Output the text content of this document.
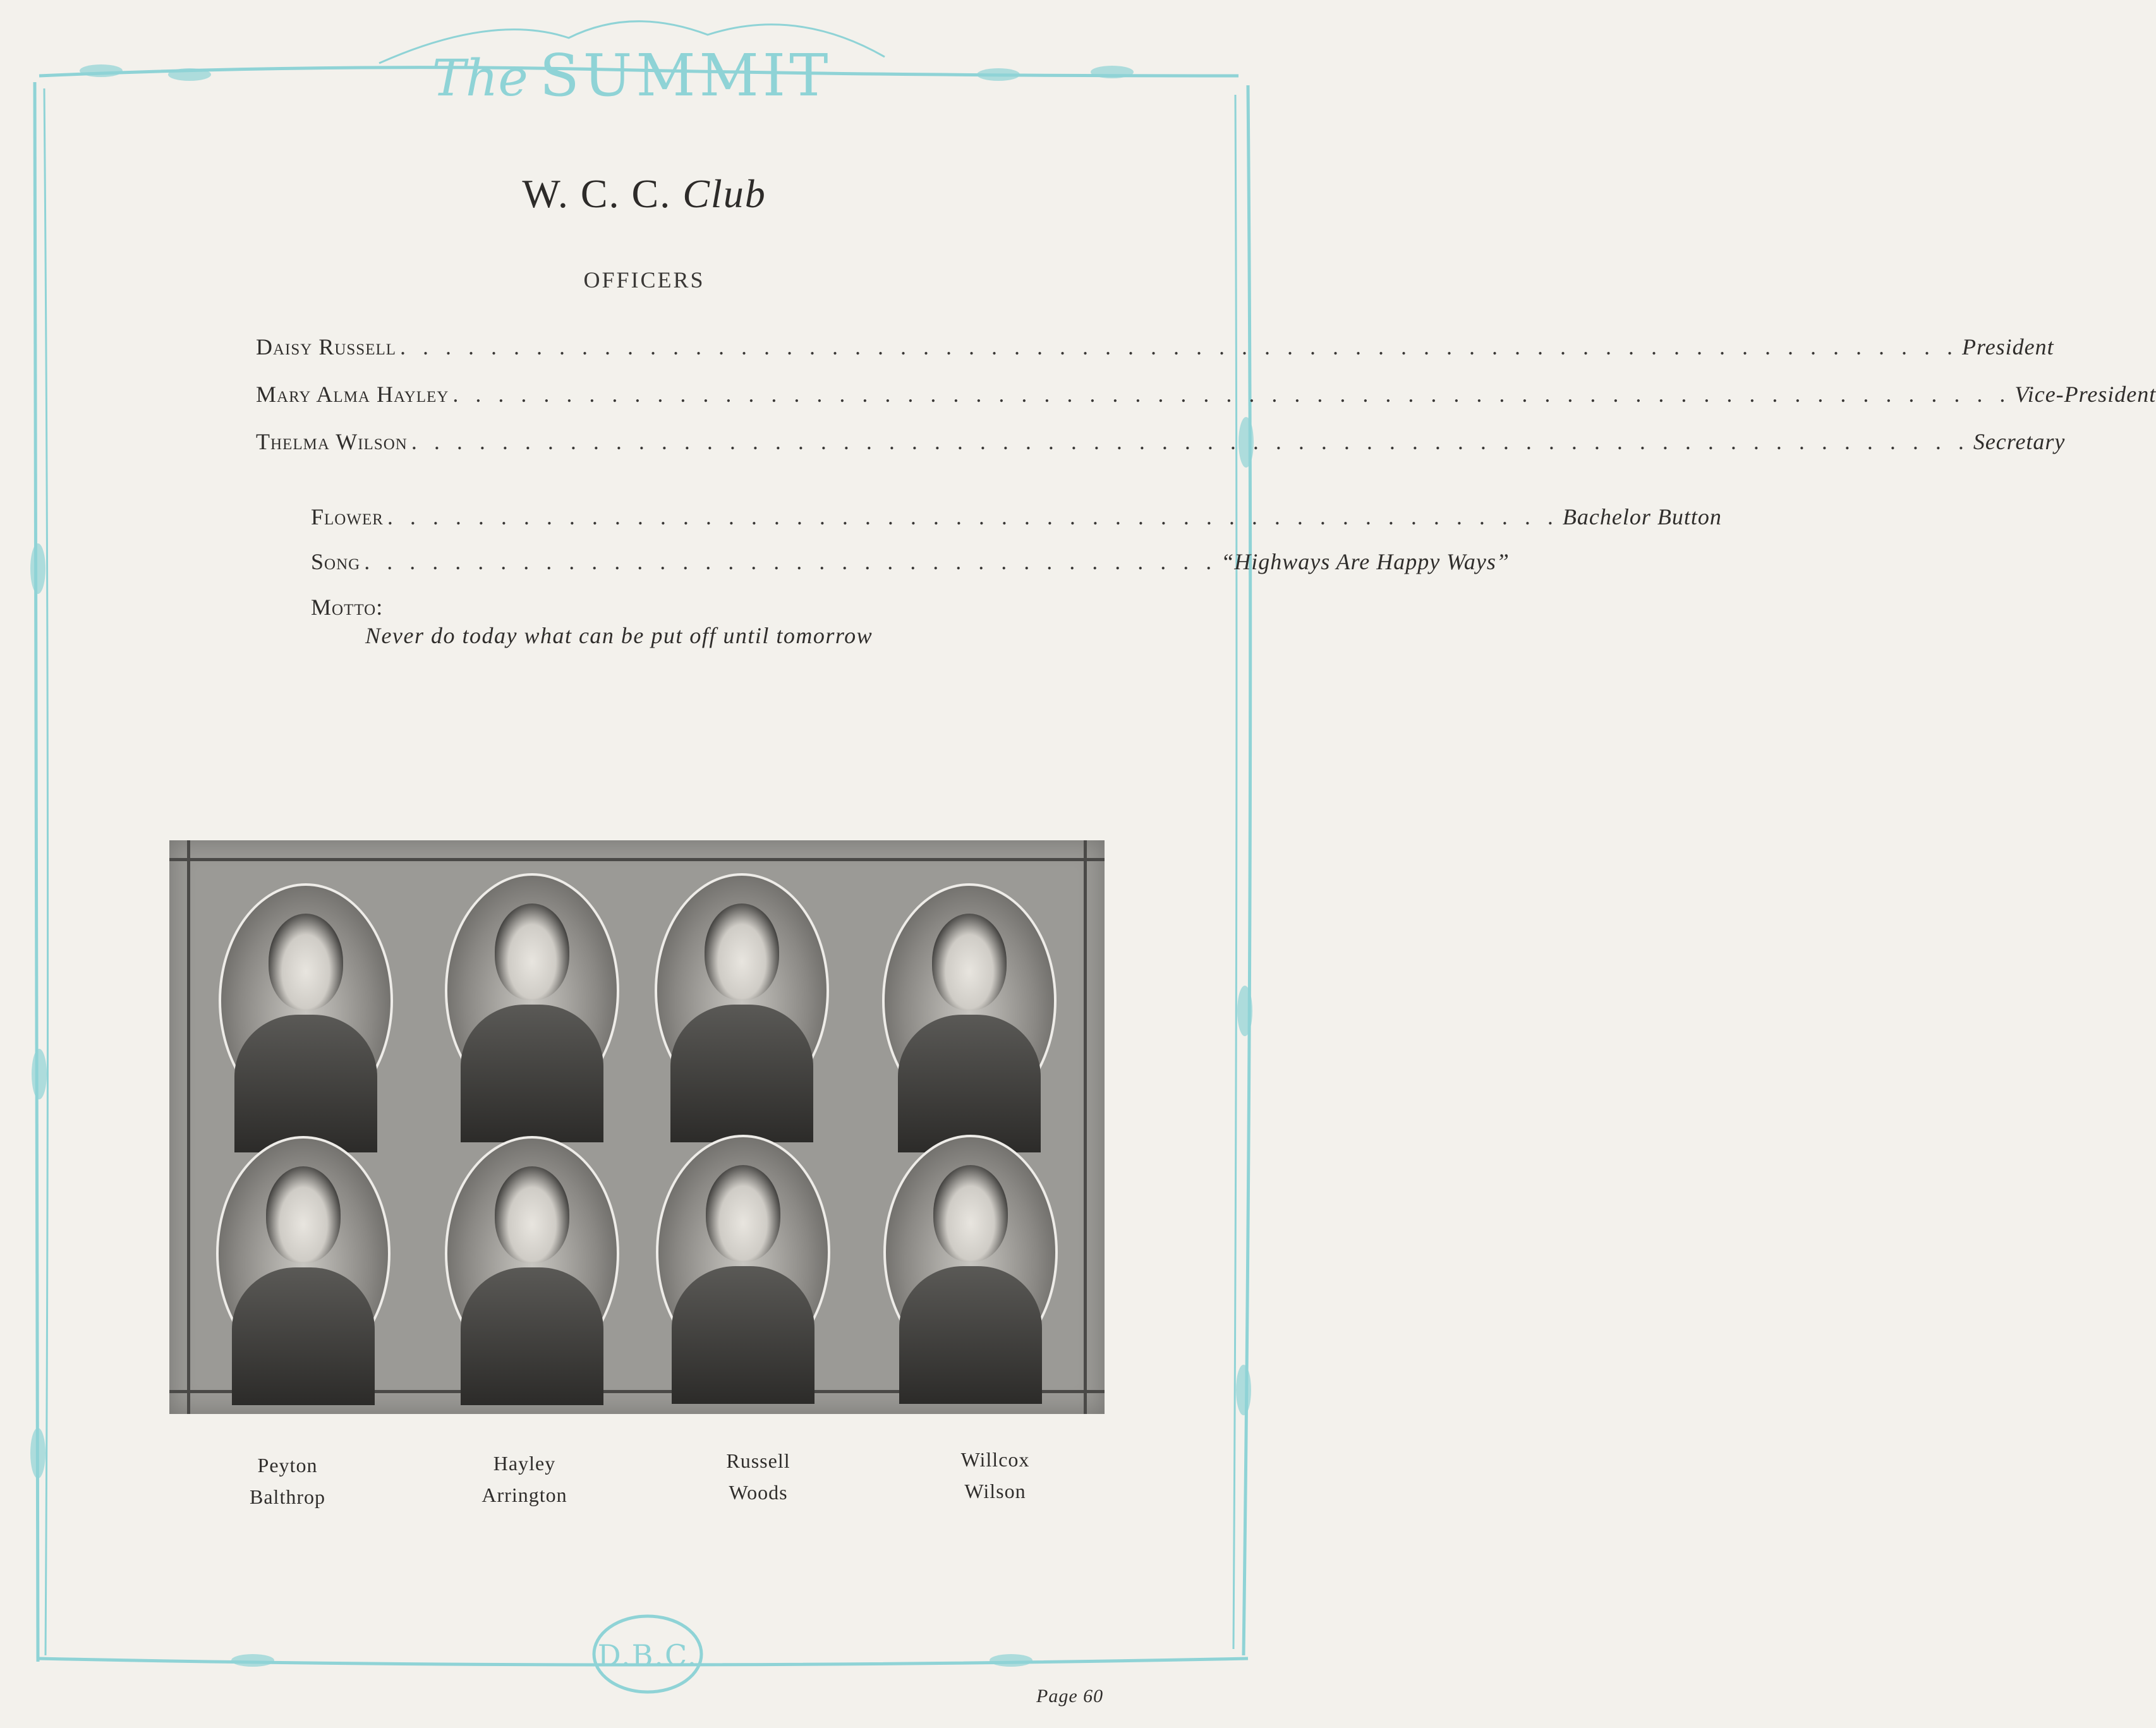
The SUMMIT
W. C. C. Club
OFFICERS
Daisy Russell . . . . . . . . . . . . . . . . . . . . . . . . . . . . . . . . . . . . . . . . . . . . . . . . . . . . . . . . . . . . . . . . . . . . . President
Mary Alma Hayley . . . . . . . . . . . . . . . . . . . . . . . . . . . . . . . . . . . . . . . . . . . . . . . . . . . . . . . . . . . . . . . . . . . . . Vice-President
Thelma Wilson . . . . . . . . . . . . . . . . . . . . . . . . . . . . . . . . . . . . . . . . . . . . . . . . . . . . . . . . . . . . . . . . . . . . . Secretary
Flower . . . . . . . . . . . . . . . . . . . . . . . . . . . . . . . . . . . . . . . . . . . . . . . . . . . . Bachelor Button
Song . . . . . . . . . . . . . . . . . . . . . . . . . . . . . . . . . . . . . . “Highways Are Happy Ways”
Motto:
Never do today what can be put off until tomorrow
Peyton
Balthrop
Hayley
Arrington
Russell
Woods
Willcox
Wilson
D.B.C.
Page 60
